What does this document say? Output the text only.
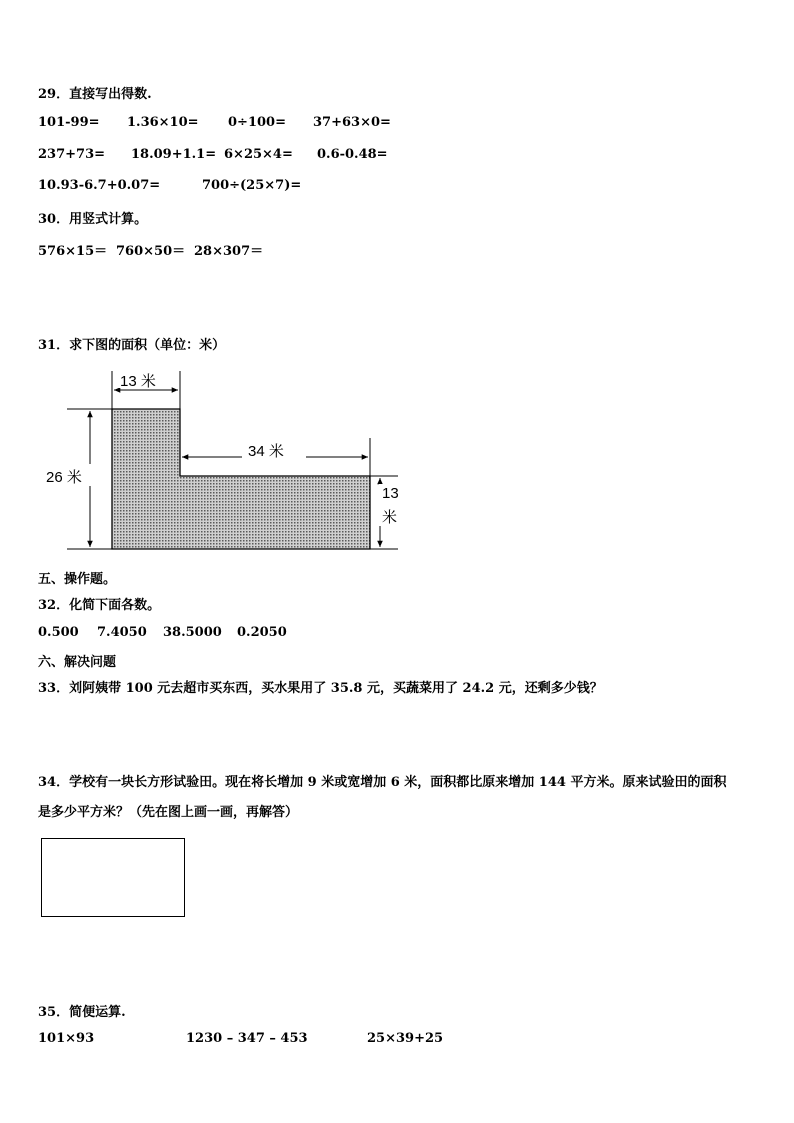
29．直接写出得数.
101-99= 1.36×10= 0÷100= 37+63×0=
237+73= 18.09+1.1= 6×25×4= 0.6-0.48=
10.93-6.7+0.07=	700÷(25×7)=
30．用竖式计算。
576×15＝ 760×50＝ 28×307＝
31．求下图的面积（单位：米）
13 米
34 米
26 米
13
米
五、操作题。
32．化简下面各数。
0.500 7.4050 38.5000 0.2050
六、解决问题
33．刘阿姨带 100 元去超市买东西，买水果用了 35.8 元，买蔬菜用了 24.2 元，还剩多少钱？
34．学校有一块长方形试验田。现在将长增加 9 米或宽增加 6 米，面积都比原来增加 144 平方米。原来试验田的面积
是多少平方米？（先在图上画一画，再解答）
35．简便运算.
101×93	1230 – 347 – 453	25×39+25
